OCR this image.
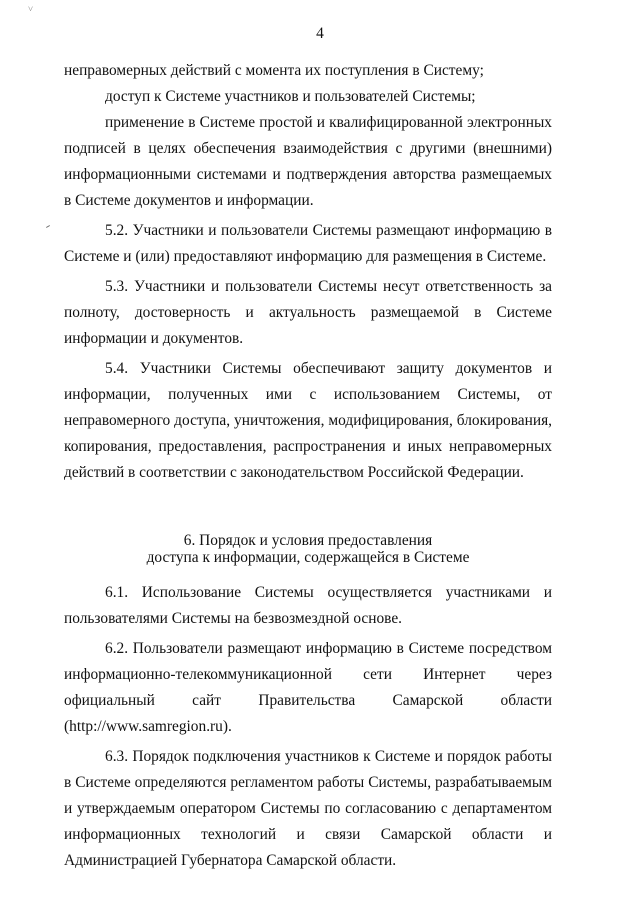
˅
4

неправомерных действий с момента их поступления в Систему;

доступ к Системе участников и пользователей Системы;

применение в Системе простой и квалифицированной электронных подписей в целях обеспечения взаимодействия с другими (внешними) информационными системами и подтверждения авторства размещаемых в Системе документов и информации.

5.2. Участники и пользователи Системы размещают информацию в Системе и (или) предоставляют информацию для размещения в Системе.

5.3. Участники и пользователи Системы несут ответственность за полноту, достоверность и актуальность размещаемой в Системе информации и документов.

5.4. Участники Системы обеспечивают защиту документов и информации, полученных ими с использованием Системы, от неправомерного доступа, уничтожения, модифицирования, блокирования, копирования, предоставления, распространения и иных неправомерных действий в соответствии с законодательством Российской Федерации.

6. Порядок и условия предоставления
доступа к информации, содержащейся в Системе

6.1. Использование Системы осуществляется участниками и пользователями Системы на безвозмездной основе.

6.2. Пользователи размещают информацию в Системе посредством информационно-телекоммуникационной сети Интернет через официальный сайт Правительства Самарской области (http://www.samregion.ru).

6.3. Порядок подключения участников к Системе и порядок работы в Системе определяются регламентом работы Системы, разрабатываемым и утверждаемым оператором Системы по согласованию с департаментом информационных технологий и связи Самарской области и Администрацией Губернатора Самарской области.
